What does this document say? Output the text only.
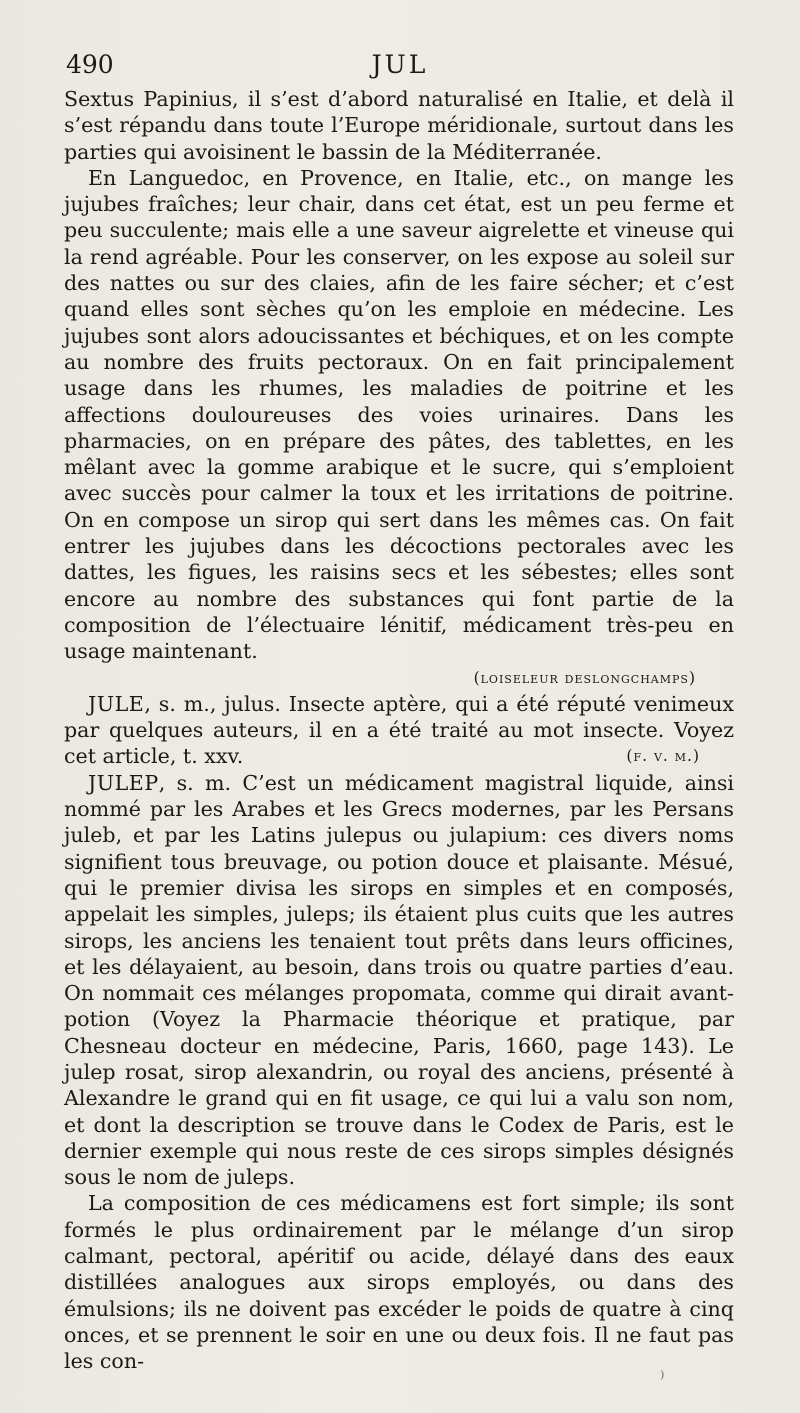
490	JUL

Sextus Papinius, il s’est d’abord naturalisé en Italie, et delà il s’est répandu dans toute l’Europe méridionale, surtout dans les parties qui avoisinent le bassin de la Méditerranée.

En Languedoc, en Provence, en Italie, etc., on mange les jujubes fraîches; leur chair, dans cet état, est un peu ferme et peu succulente; mais elle a une saveur aigrelette et vineuse qui la rend agréable. Pour les conserver, on les expose au soleil sur des nattes ou sur des claies, afin de les faire sécher; et c’est quand elles sont sèches qu’on les emploie en médecine. Les jujubes sont alors adoucissantes et béchiques, et on les compte au nombre des fruits pectoraux. On en fait principalement usage dans les rhumes, les maladies de poitrine et les affections douloureuses des voies urinaires. Dans les pharmacies, on en prépare des pâtes, des tablettes, en les mêlant avec la gomme arabique et le sucre, qui s’emploient avec succès pour calmer la toux et les irritations de poitrine. On en compose un sirop qui sert dans les mêmes cas. On fait entrer les jujubes dans les décoctions pectorales avec les dattes, les figues, les raisins secs et les sébestes; elles sont encore au nombre des substances qui font partie de la composition de l’électuaire lénitif, médicament très-peu en usage maintenant.

(loiseleur deslongchamps)

JULE, s. m., julus. Insecte aptère, qui a été réputé venimeux par quelques auteurs, il en a été traité au mot insecte. Voyez cet article, t. xxv.	(f. v. m.)

JULEP, s. m. C’est un médicament magistral liquide, ainsi nommé par les Arabes et les Grecs modernes, par les Persans juleb, et par les Latins julepus ou julapium: ces divers noms signifient tous breuvage, ou potion douce et plaisante. Mésué, qui le premier divisa les sirops en simples et en composés, appelait les simples, juleps; ils étaient plus cuits que les autres sirops, les anciens les tenaient tout prêts dans leurs officines, et les délayaient, au besoin, dans trois ou quatre parties d’eau. On nommait ces mélanges propomata, comme qui dirait avant-potion (Voyez la Pharmacie théorique et pratique, par Chesneau docteur en médecine, Paris, 1660, page 143). Le julep rosat, sirop alexandrin, ou royal des anciens, présenté à Alexandre le grand qui en fit usage, ce qui lui a valu son nom, et dont la description se trouve dans le Codex de Paris, est le dernier exemple qui nous reste de ces sirops simples désignés sous le nom de juleps.

La composition de ces médicamens est fort simple; ils sont formés le plus ordinairement par le mélange d’un sirop calmant, pectoral, apéritif ou acide, délayé dans des eaux distillées analogues aux sirops employés, ou dans des émulsions; ils ne doivent pas excéder le poids de quatre à cinq onces, et se prennent le soir en une ou deux fois. Il ne faut pas les con-

⁾
